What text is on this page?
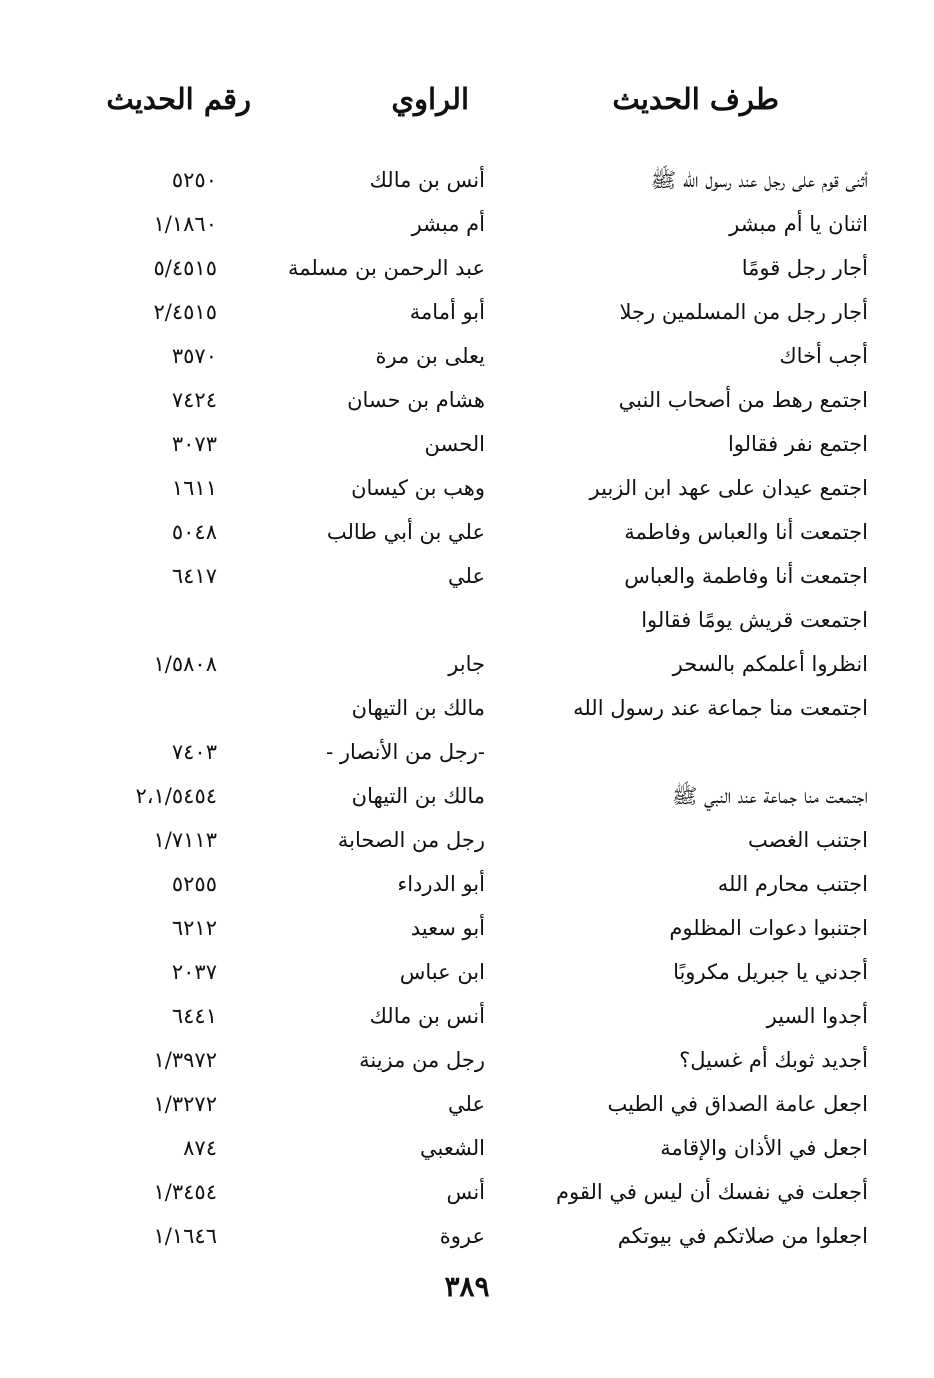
طرف الحديث
الراوي
رقم الحديث
أثنى قوم على رجل عند رسول الله ﷺ
أنس بن مالك
٥٢٥٠
اثنان يا أم مبشر
أم مبشر
١/١٨٦٠
أجار رجل قومًا
عبد الرحمن بن مسلمة
٥/٤٥١٥
أجار رجل من المسلمين رجلا
أبو أمامة
٢/٤٥١٥
أجب أخاك
يعلى بن مرة
٣٥٧٠
اجتمع رهط من أصحاب النبي
هشام بن حسان
٧٤٢٤
اجتمع نفر فقالوا
الحسن
٣٠٧٣
اجتمع عيدان على عهد ابن الزبير
وهب بن كيسان
١٦١١
اجتمعت أنا والعباس وفاطمة
علي بن أبي طالب
٥٠٤٨
اجتمعت أنا وفاطمة والعباس
علي
٦٤١٧
اجتمعت قريش يومًا فقالوا
انظروا أعلمكم بالسحر
جابر
١/٥٨٠٨
اجتمعت منا جماعة عند رسول الله
مالك بن التيهان
-رجل من الأنصار -
٧٤٠٣
اجتمعت منا جماعة عند النبي ﷺ
مالك بن التيهان
٢،١/٥٤٥٤
اجتنب الغصب
رجل من الصحابة
١/٧١١٣
اجتنب محارم الله
أبو الدرداء
٥٢٥٥
اجتنبوا دعوات المظلوم
أبو سعيد
٦٢١٢
أجدني يا جبريل مكروبًا
ابن عباس
٢٠٣٧
أجدوا السير
أنس بن مالك
٦٤٤١
أجديد ثوبك أم غسيل؟
رجل من مزينة
١/٣٩٧٢
اجعل عامة الصداق في الطيب
علي
١/٣٢٧٢
اجعل في الأذان والإقامة
الشعبي
٨٧٤
أجعلت في نفسك أن ليس في القوم
أنس
١/٣٤٥٤
اجعلوا من صلاتكم في بيوتكم
عروة
١/١٦٤٦
٣٨٩
